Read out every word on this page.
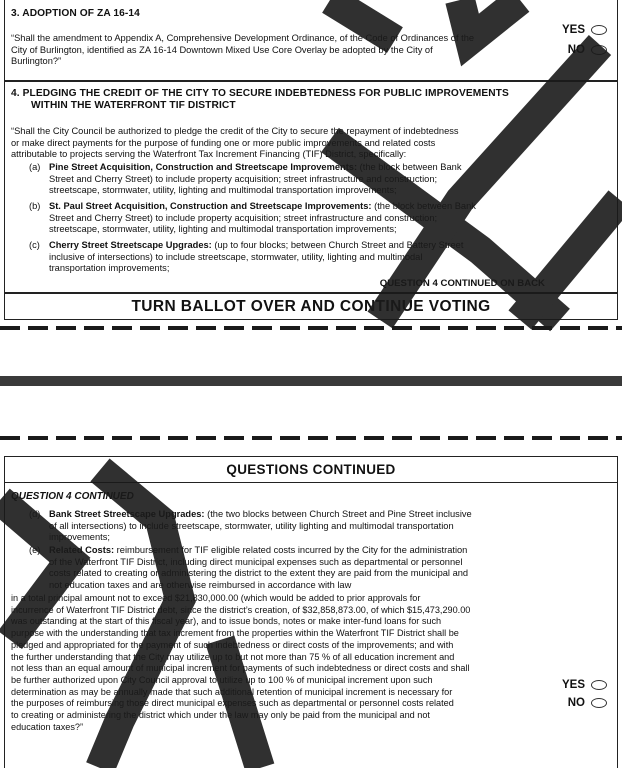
3. ADOPTION OF ZA 16-14
“Shall the amendment to Appendix A, Comprehensive Development Ordinance, of the Code of Ordinances of the
City of Burlington, identified as ZA 16-14 Downtown Mixed Use Core Overlay be adopted by the City of
Burlington?”
YES
NO
4. PLEDGING THE CREDIT OF THE CITY TO SECURE INDEBTEDNESS FOR PUBLIC IMPROVEMENTS
WITHIN THE WATERFRONT TIF DISTRICT
“Shall the City Council be authorized to pledge the credit of the City to secure the repayment of indebtedness
or make direct payments for the purpose of funding one or more public improvements and related costs
attributable to projects serving the Waterfront Tax Increment Financing (TIF) District, specifically:
(a) Pine Street Acquisition, Construction and Streetscape Improvements: (the block between Bank
Street and Cherry Street) to include property acquisition; street infrastructure and construction;
streetscape, stormwater, utility, lighting and multimodal transportation improvements;
(b) St. Paul Street Acquisition, Construction and Streetscape Improvements: (the block between Bank
Street and Cherry Street) to include property acquisition; street infrastructure and construction;
streetscape, stormwater, utility, lighting and multimodal transportation improvements;
(c) Cherry Street Streetscape Upgrades: (up to four blocks; between Church Street and Battery Street
inclusive of intersections) to include streetscape, stormwater, utility, lighting and multimodal
transportation improvements;
QUESTION 4 CONTINUED ON BACK
TURN BALLOT OVER AND CONTINUE VOTING
QUESTIONS CONTINUED
QUESTION 4 CONTINUED
(d) Bank Street Streetscape Upgrades: (the two blocks between Church Street and Pine Street inclusive
of all intersections) to include streetscape, stormwater, utility lighting and multimodal transportation
improvements;
(e) Related Costs: reimbursement for TIF eligible related costs incurred by the City for the administration
of the Waterfront TIF District, including direct municipal expenses such as departmental or personnel
costs related to creating or administering the district to the extent they are paid from the municipal and
not education taxes and are otherwise reimbursed in accordance with law
in a total principal amount not to exceed $21,830,000.00 (which would be added to prior approvals for
incurrence of Waterfront TIF District debt, since the district’s creation, of $32,858,873.00, of which $15,473,290.00
was outstanding at the start of this fiscal year), and to issue bonds, notes or make inter-fund loans for such
purpose with the understanding that tax increment from the properties within the Waterfront TIF District shall be
pledged and appropriated for the payment of such indebtedness or direct costs of the improvements; and with
the further understanding that the City may utilize up to but not more than 75 % of all education increment and
not less than an equal amount of municipal increment for payments of such indebtedness or direct costs and shall
be further authorized upon City Council approval to utilize up to 100 % of municipal increment upon such
determination as may be annually made that such additional retention of municipal increment is necessary for
the purposes of reimbursing those direct municipal expenses such as departmental or personnel costs related
to creating or administering the district which under the law may only be paid from the municipal and not
education taxes?”
YES
NO
